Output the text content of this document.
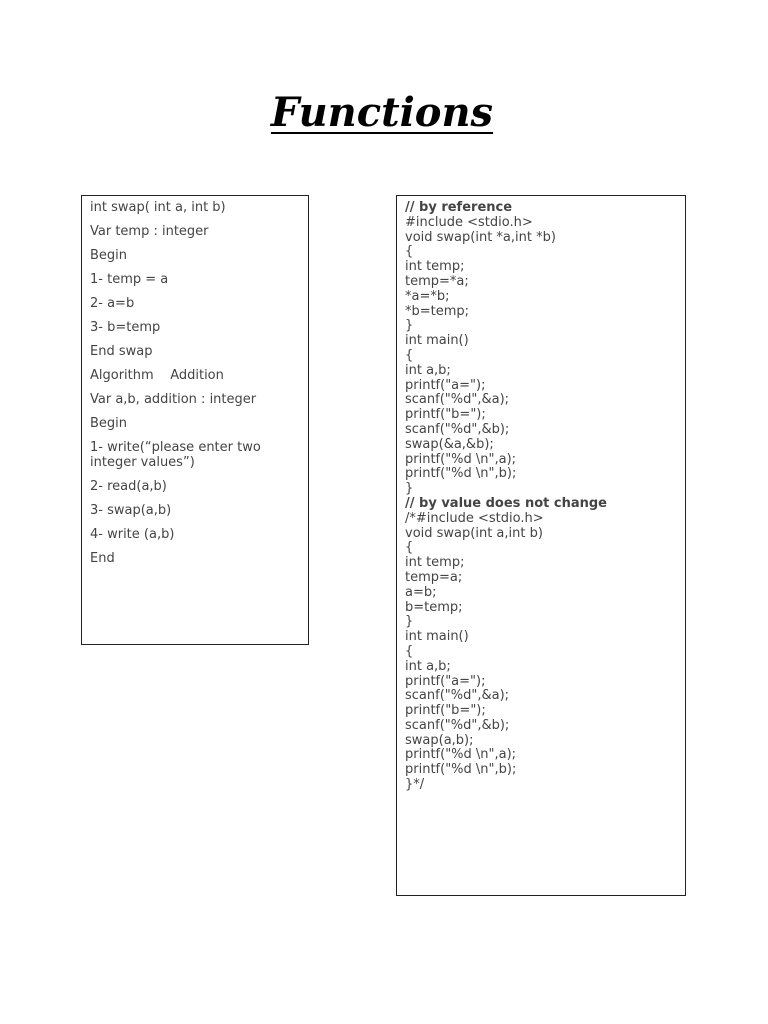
Functions
int swap( int a, int b)
Var temp : integer
Begin
1- temp = a
2- a=b
3- b=temp
End swap
Algorithm    Addition
Var a,b, addition : integer
Begin
1- write(“please enter two integer values”)
2- read(a,b)
3- swap(a,b)
4- write (a,b)
End
// by reference
#include <stdio.h>
void swap(int *a,int *b)
{
int temp;
temp=*a;
*a=*b;
*b=temp;
}
int main()
{
int a,b;
printf("a=");
scanf("%d",&a);
printf("b=");
scanf("%d",&b);
swap(&a,&b);
printf("%d \n",a);
printf("%d \n",b);
}
// by value does not change
/*#include <stdio.h>
void swap(int a,int b)
{
int temp;
temp=a;
a=b;
b=temp;
}
int main()
{
int a,b;
printf("a=");
scanf("%d",&a);
printf("b=");
scanf("%d",&b);
swap(a,b);
printf("%d \n",a);
printf("%d \n",b);
}*/
